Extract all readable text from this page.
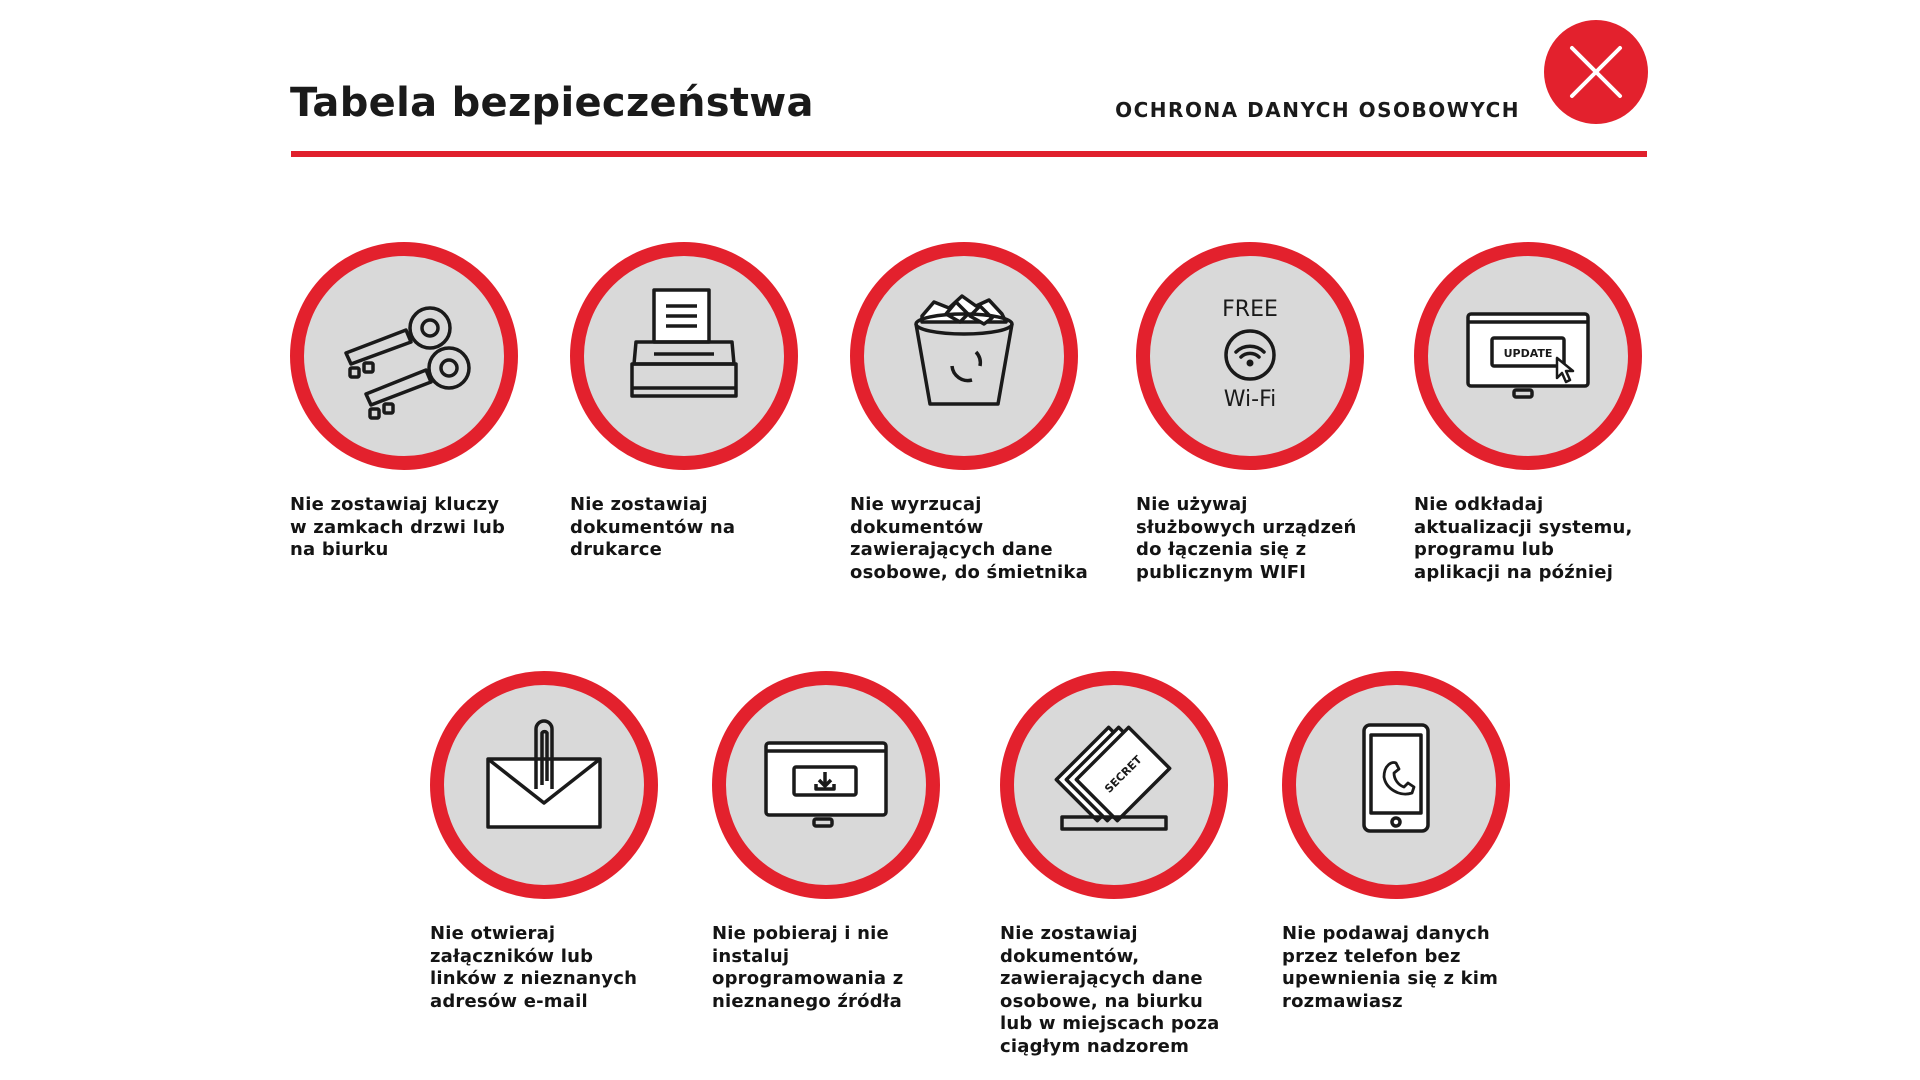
Tabela bezpieczeństwa	OCHRONA DANYCH OSOBOWYCH
Nie zostawiaj kluczy
w zamkach drzwi lub
na biurku
Nie zostawiaj
dokumentów na
drukarce
Nie wyrzucaj
dokumentów
zawierających dane
osobowe, do śmietnika
FREE
Wi-Fi
Nie używaj
służbowych urządzeń
do łączenia się z
publicznym WIFI
UPDATE
Nie odkładaj
aktualizacji systemu,
programu lub
aplikacji na później
Nie otwieraj
załączników lub
linków z nieznanych
adresów e-mail
Nie pobieraj i nie
instaluj
oprogramowania z
nieznanego źródła
SECRET
Nie zostawiaj
dokumentów,
zawierających dane
osobowe, na biurku
lub w miejscach poza
ciągłym nadzorem
Nie podawaj danych
przez telefon bez
upewnienia się z kim
rozmawiasz
